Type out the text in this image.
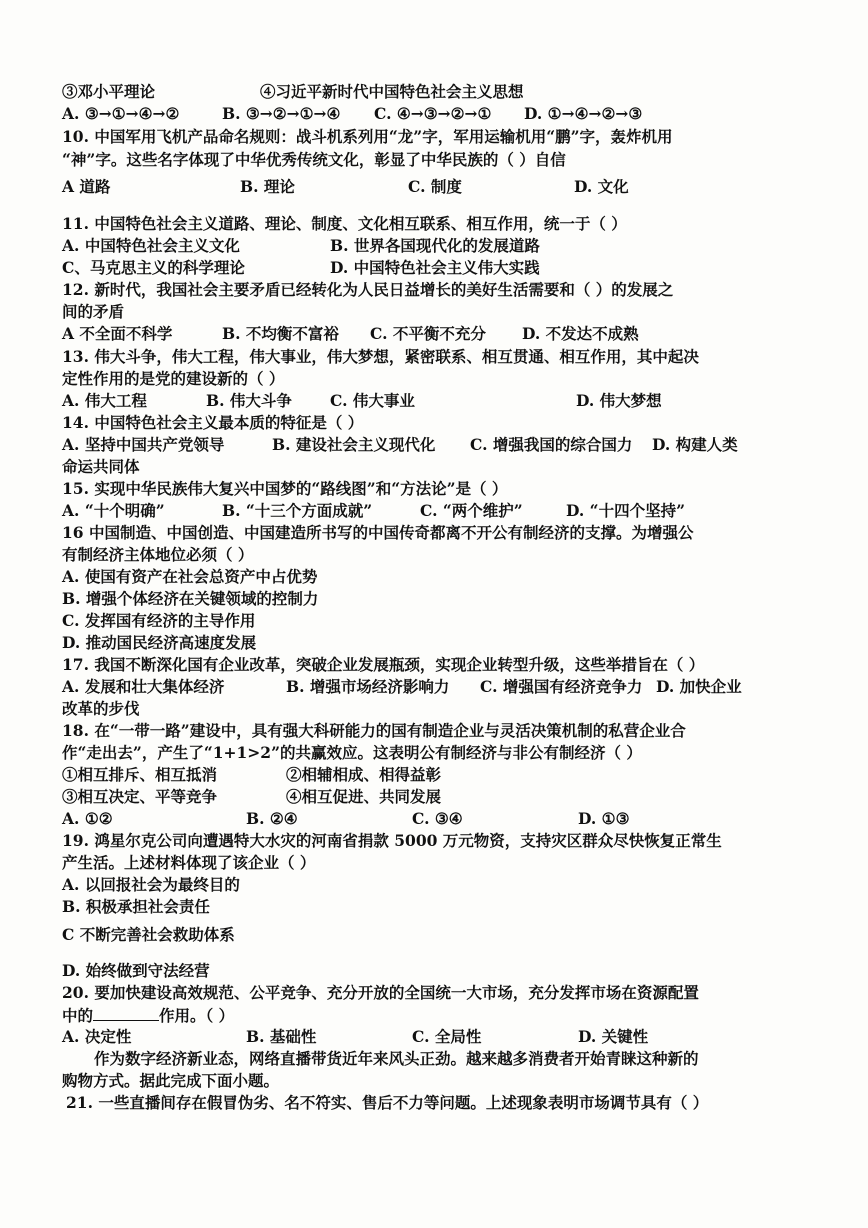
③邓小平理论	④习近平新时代中国特色社会主义思想
A. ③→①→④→②	B. ③→②→①→④ C. ④→③→②→① D. ①→④→②→③
10. 中国军用飞机产品命名规则：战斗机系列用“龙”字，军用运输机用“鹏”字，轰炸机用
“神”字。这些名字体现了中华优秀传统文化，彰显了中华民族的（ ）自信
A 道路	B. 理论	C. 制度	D. 文化
11. 中国特色社会主义道路、理论、制度、文化相互联系、相互作用，统一于（ ）
A. 中国特色社会主义文化	B. 世界各国现代化的发展道路
C、马克思主义的科学理论	D. 中国特色社会主义伟大实践
12. 新时代，我国社会主要矛盾已经转化为人民日益增长的美好生活需要和（ ）的发展之
间的矛盾
A 不全面不科学	B. 不均衡不富裕 C. 不平衡不充分 D. 不发达不成熟
13. 伟大斗争，伟大工程，伟大事业，伟大梦想，紧密联系、相互贯通、相互作用，其中起决
定性作用的是党的建设新的（ ）
A. 伟大工程	B. 伟大斗争 C. 伟大事业	D. 伟大梦想
14. 中国特色社会主义最本质的特征是（ ）
A. 坚持中国共产党领导	B. 建设社会主义现代化 C. 增强我国的综合国力 D. 构建人类
命运共同体
15. 实现中华民族伟大复兴中国梦的“路线图”和“方法论”是（ ）
A. “十个明确”	B. “十三个方面成就”	C. “两个维护”	D. “十四个坚持”
16 中国制造、中国创造、中国建造所书写的中国传奇都离不开公有制经济的支撑。为增强公
有制经济主体地位必须（ ）
A. 使国有资产在社会总资产中占优势
B. 增强个体经济在关键领域的控制力
C. 发挥国有经济的主导作用
D. 推动国民经济高速度发展
17. 我国不断深化国有企业改革，突破企业发展瓶颈，实现企业转型升级，这些举措旨在（ ）
A. 发展和壮大集体经济	B. 增强市场经济影响力 C. 增强国有经济竞争力 D. 加快企业
改革的步伐
18. 在“一带一路”建设中，具有强大科研能力的国有制造企业与灵活决策机制的私营企业合
作“走出去”，产生了“1+1>2”的共赢效应。这表明公有制经济与非公有制经济（ ）
①相互排斥、相互抵消	②相辅相成、相得益彰
③相互决定、平等竞争	④相互促进、共同发展
A. ①②	B. ②④	C. ③④	D. ①③
19. 鸿星尔克公司向遭遇特大水灾的河南省捐款 5000 万元物资，支持灾区群众尽快恢复正常生
产生活。上述材料体现了该企业（ ）
A. 以回报社会为最终目的
B. 积极承担社会责任
C 不断完善社会救助体系
D. 始终做到守法经营
20. 要加快建设高效规范、公平竞争、充分开放的全国统一大市场，充分发挥市场在资源配置
中的	作用。（ ）
A. 决定性	B. 基础性	C. 全局性	D. 关键性
作为数字经济新业态，网络直播带货近年来风头正劲。越来越多消费者开始青睐这种新的
购物方式。据此完成下面小题。
21. 一些直播间存在假冒伪劣、名不符实、售后不力等问题。上述现象表明市场调节具有（ ）
